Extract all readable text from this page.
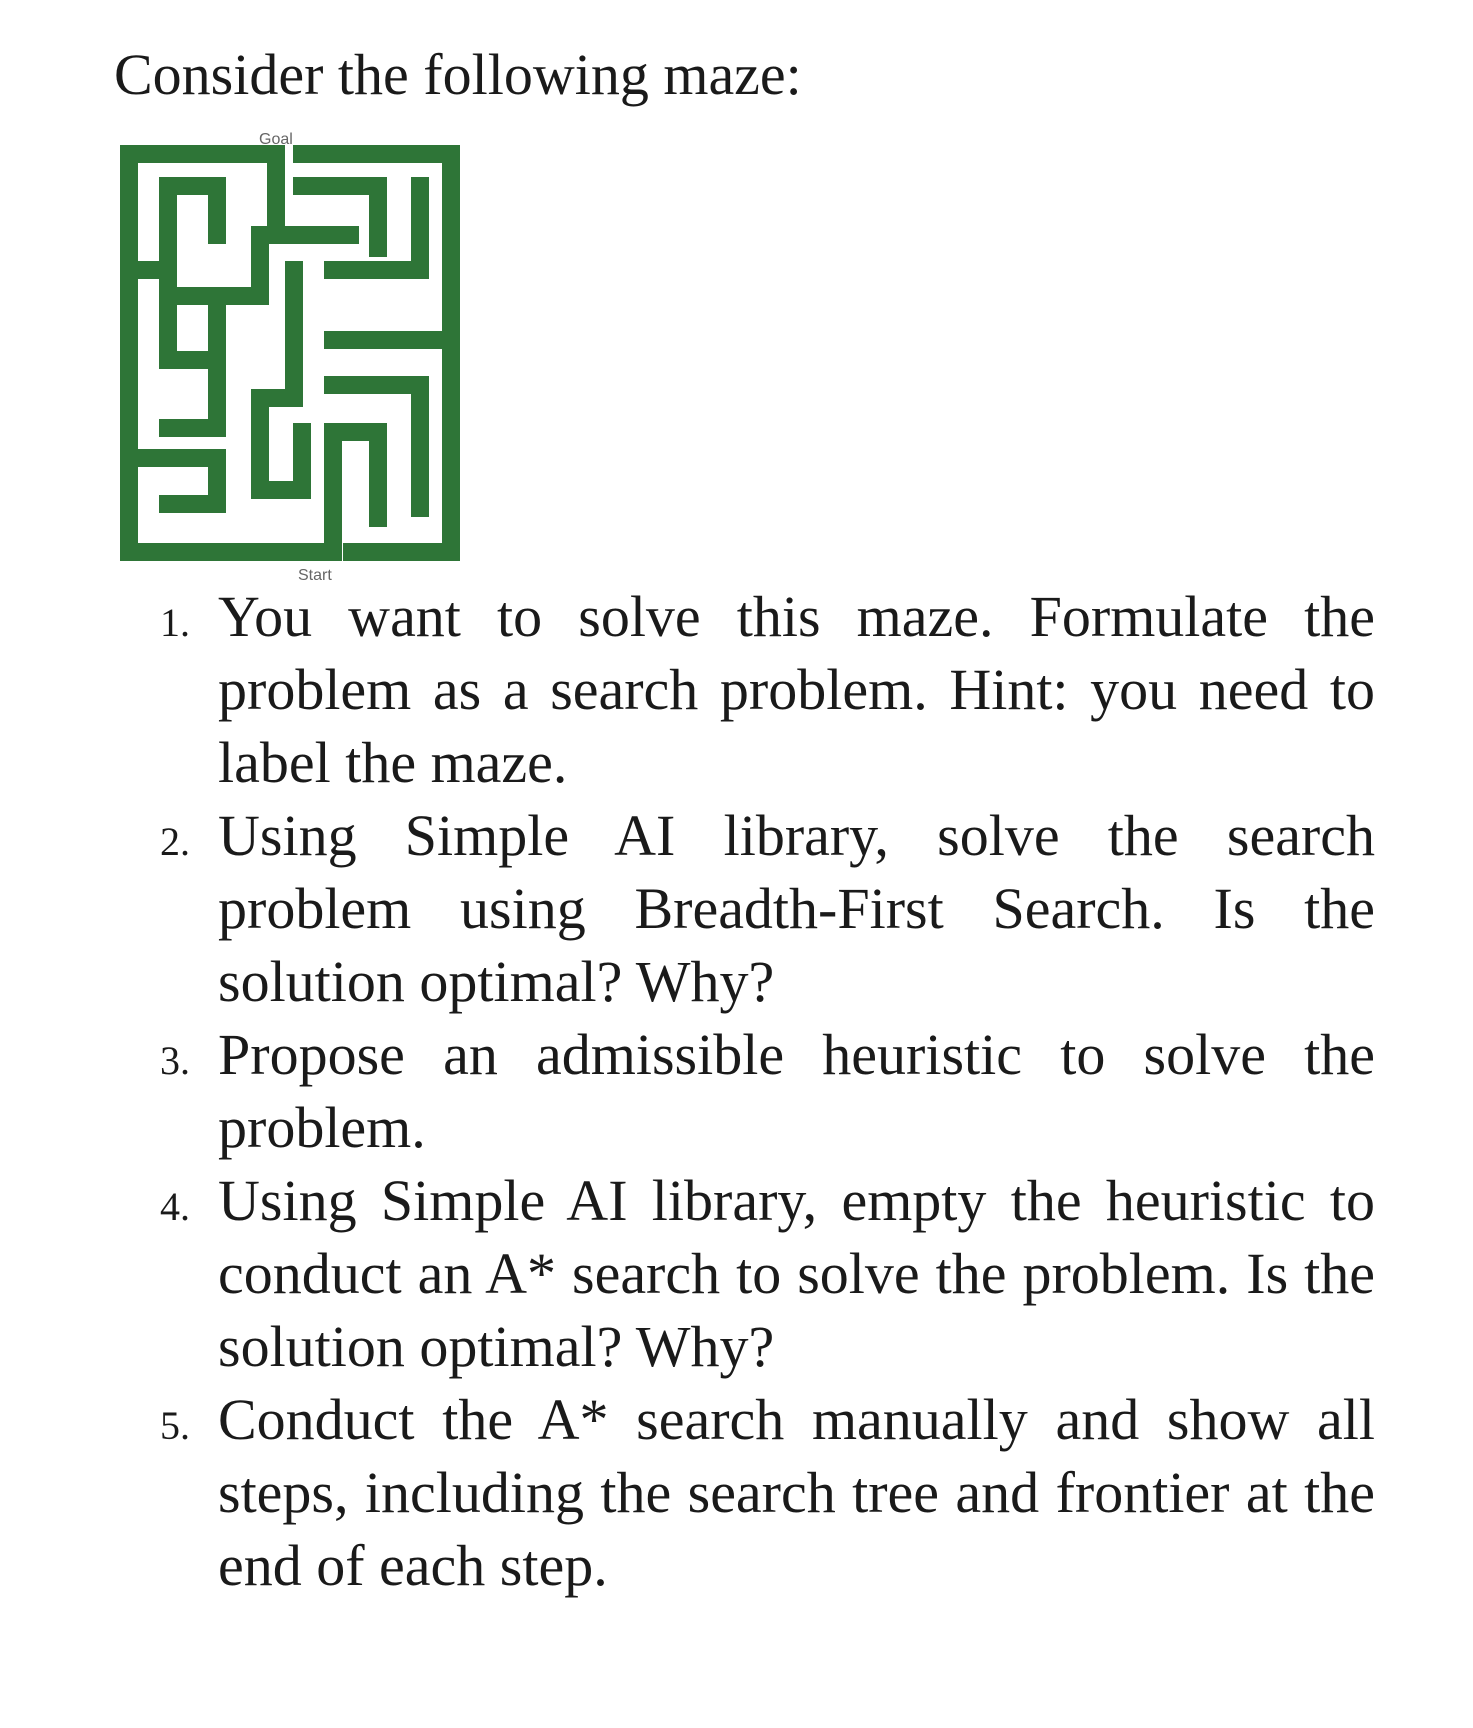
Consider the following maze:
Goal
Start
1. You want to solve this maze. Formulate the problem as a search problem. Hint: you need to label the maze.
2. Using Simple AI library, solve the search problem using Breadth-First Search. Is the solution optimal? Why?
3. Propose an admissible heuristic to solve the problem.
4. Using Simple AI library, empty the heuristic to conduct an A* search to solve the problem. Is the solution optimal? Why?
5. Conduct the A* search manually and show all steps, including the search tree and frontier at the end of each step.
